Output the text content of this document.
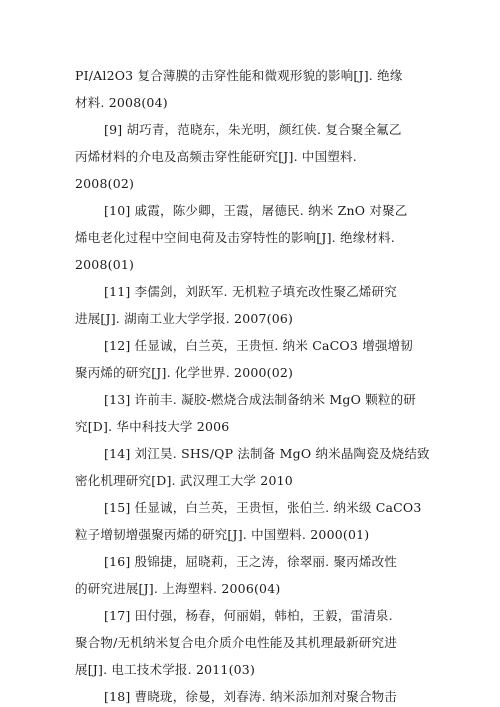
PI/Al2O3 复合薄膜的击穿性能和微观形貌的影响[J]. 绝缘
材料. 2008(04)
[9] 胡巧青，范晓东，朱光明，颜红侠. 复合聚全氟乙
丙烯材料的介电及高频击穿性能研究[J]. 中国塑料.
2008(02)
[10] 戚霞，陈少卿，王霞，屠德民. 纳米 ZnO 对聚乙
烯电老化过程中空间电荷及击穿特性的影响[J]. 绝缘材料.
2008(01)
[11] 李儒剑，刘跃军. 无机粒子填充改性聚乙烯研究
进展[J]. 湖南工业大学学报. 2007(06)
[12] 任显诚，白兰英，王贵恒. 纳米 CaCO3 增强增韧
聚丙烯的研究[J]. 化学世界. 2000(02)
[13] 许前丰. 凝胶-燃烧合成法制备纳米 MgO 颗粒的研
究[D]. 华中科技大学 2006
[14] 刘江昊. SHS/QP 法制备 MgO 纳米晶陶瓷及烧结致
密化机理研究[D]. 武汉理工大学 2010
[15] 任显诚，白兰英，王贵恒，张伯兰. 纳米级 CaCO3
粒子增韧增强聚丙烯的研究[J]. 中国塑料. 2000(01)
[16] 殷锦捷，屈晓莉，王之涛，徐翠丽. 聚丙烯改性
的研究进展[J]. 上海塑料. 2006(04)
[17] 田付强，杨春，何丽娟，韩柏，王毅，雷清泉.
聚合物/无机纳米复合电介质介电性能及其机理最新研究进
展[J]. 电工技术学报. 2011(03)
[18] 曹晓珑，徐曼，刘春涛. 纳米添加剂对聚合物击
